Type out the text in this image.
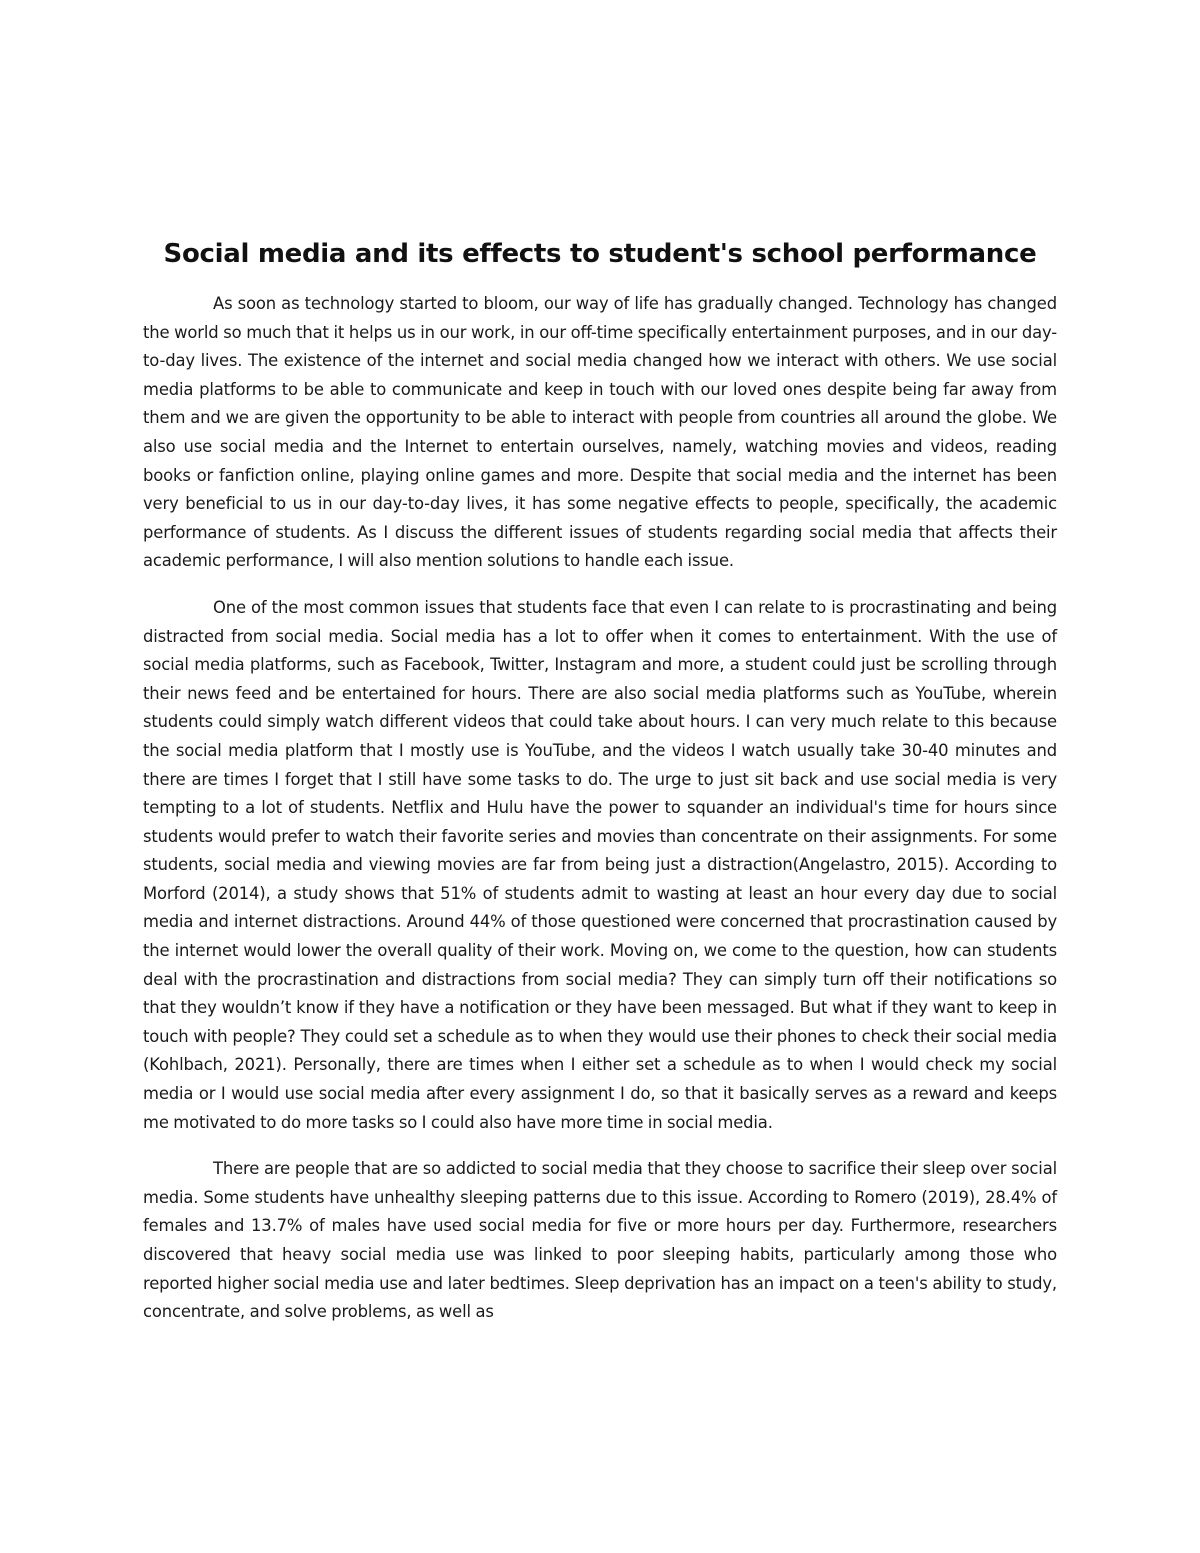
Social media and its effects to student's school performance

As soon as technology started to bloom, our way of life has gradually changed. Technology has changed the world so much that it helps us in our work, in our off-time specifically entertainment purposes, and in our day-to-day lives. The existence of the internet and social media changed how we interact with others. We use social media platforms to be able to communicate and keep in touch with our loved ones despite being far away from them and we are given the opportunity to be able to interact with people from countries all around the globe. We also use social media and the Internet to entertain ourselves, namely, watching movies and videos, reading books or fanfiction online, playing online games and more. Despite that social media and the internet has been very beneficial to us in our day-to-day lives, it has some negative effects to people, specifically, the academic performance of students. As I discuss the different issues of students regarding social media that affects their academic performance, I will also mention solutions to handle each issue.

One of the most common issues that students face that even I can relate to is procrastinating and being distracted from social media. Social media has a lot to offer when it comes to entertainment. With the use of social media platforms, such as Facebook, Twitter, Instagram and more, a student could just be scrolling through their news feed and be entertained for hours. There are also social media platforms such as YouTube, wherein students could simply watch different videos that could take about hours. I can very much relate to this because the social media platform that I mostly use is YouTube, and the videos I watch usually take 30-40 minutes and there are times I forget that I still have some tasks to do. The urge to just sit back and use social media is very tempting to a lot of students. Netflix and Hulu have the power to squander an individual's time for hours since students would prefer to watch their favorite series and movies than concentrate on their assignments. For some students, social media and viewing movies are far from being just a distraction(Angelastro, 2015). According to Morford (2014), a study shows that 51% of students admit to wasting at least an hour every day due to social media and internet distractions. Around 44% of those questioned were concerned that procrastination caused by the internet would lower the overall quality of their work. Moving on, we come to the question, how can students deal with the procrastination and distractions from social media? They can simply turn off their notifications so that they wouldn’t know if they have a notification or they have been messaged. But what if they want to keep in touch with people? They could set a schedule as to when they would use their phones to check their social media (Kohlbach, 2021). Personally, there are times when I either set a schedule as to when I would check my social media or I would use social media after every assignment I do, so that it basically serves as a reward and keeps me motivated to do more tasks so I could also have more time in social media.

There are people that are so addicted to social media that they choose to sacrifice their sleep over social media. Some students have unhealthy sleeping patterns due to this issue. According to Romero (2019), 28.4% of females and 13.7% of males have used social media for five or more hours per day. Furthermore, researchers discovered that heavy social media use was linked to poor sleeping habits, particularly among those who reported higher social media use and later bedtimes. Sleep deprivation has an impact on a teen's ability to study, concentrate, and solve problems, as well as
